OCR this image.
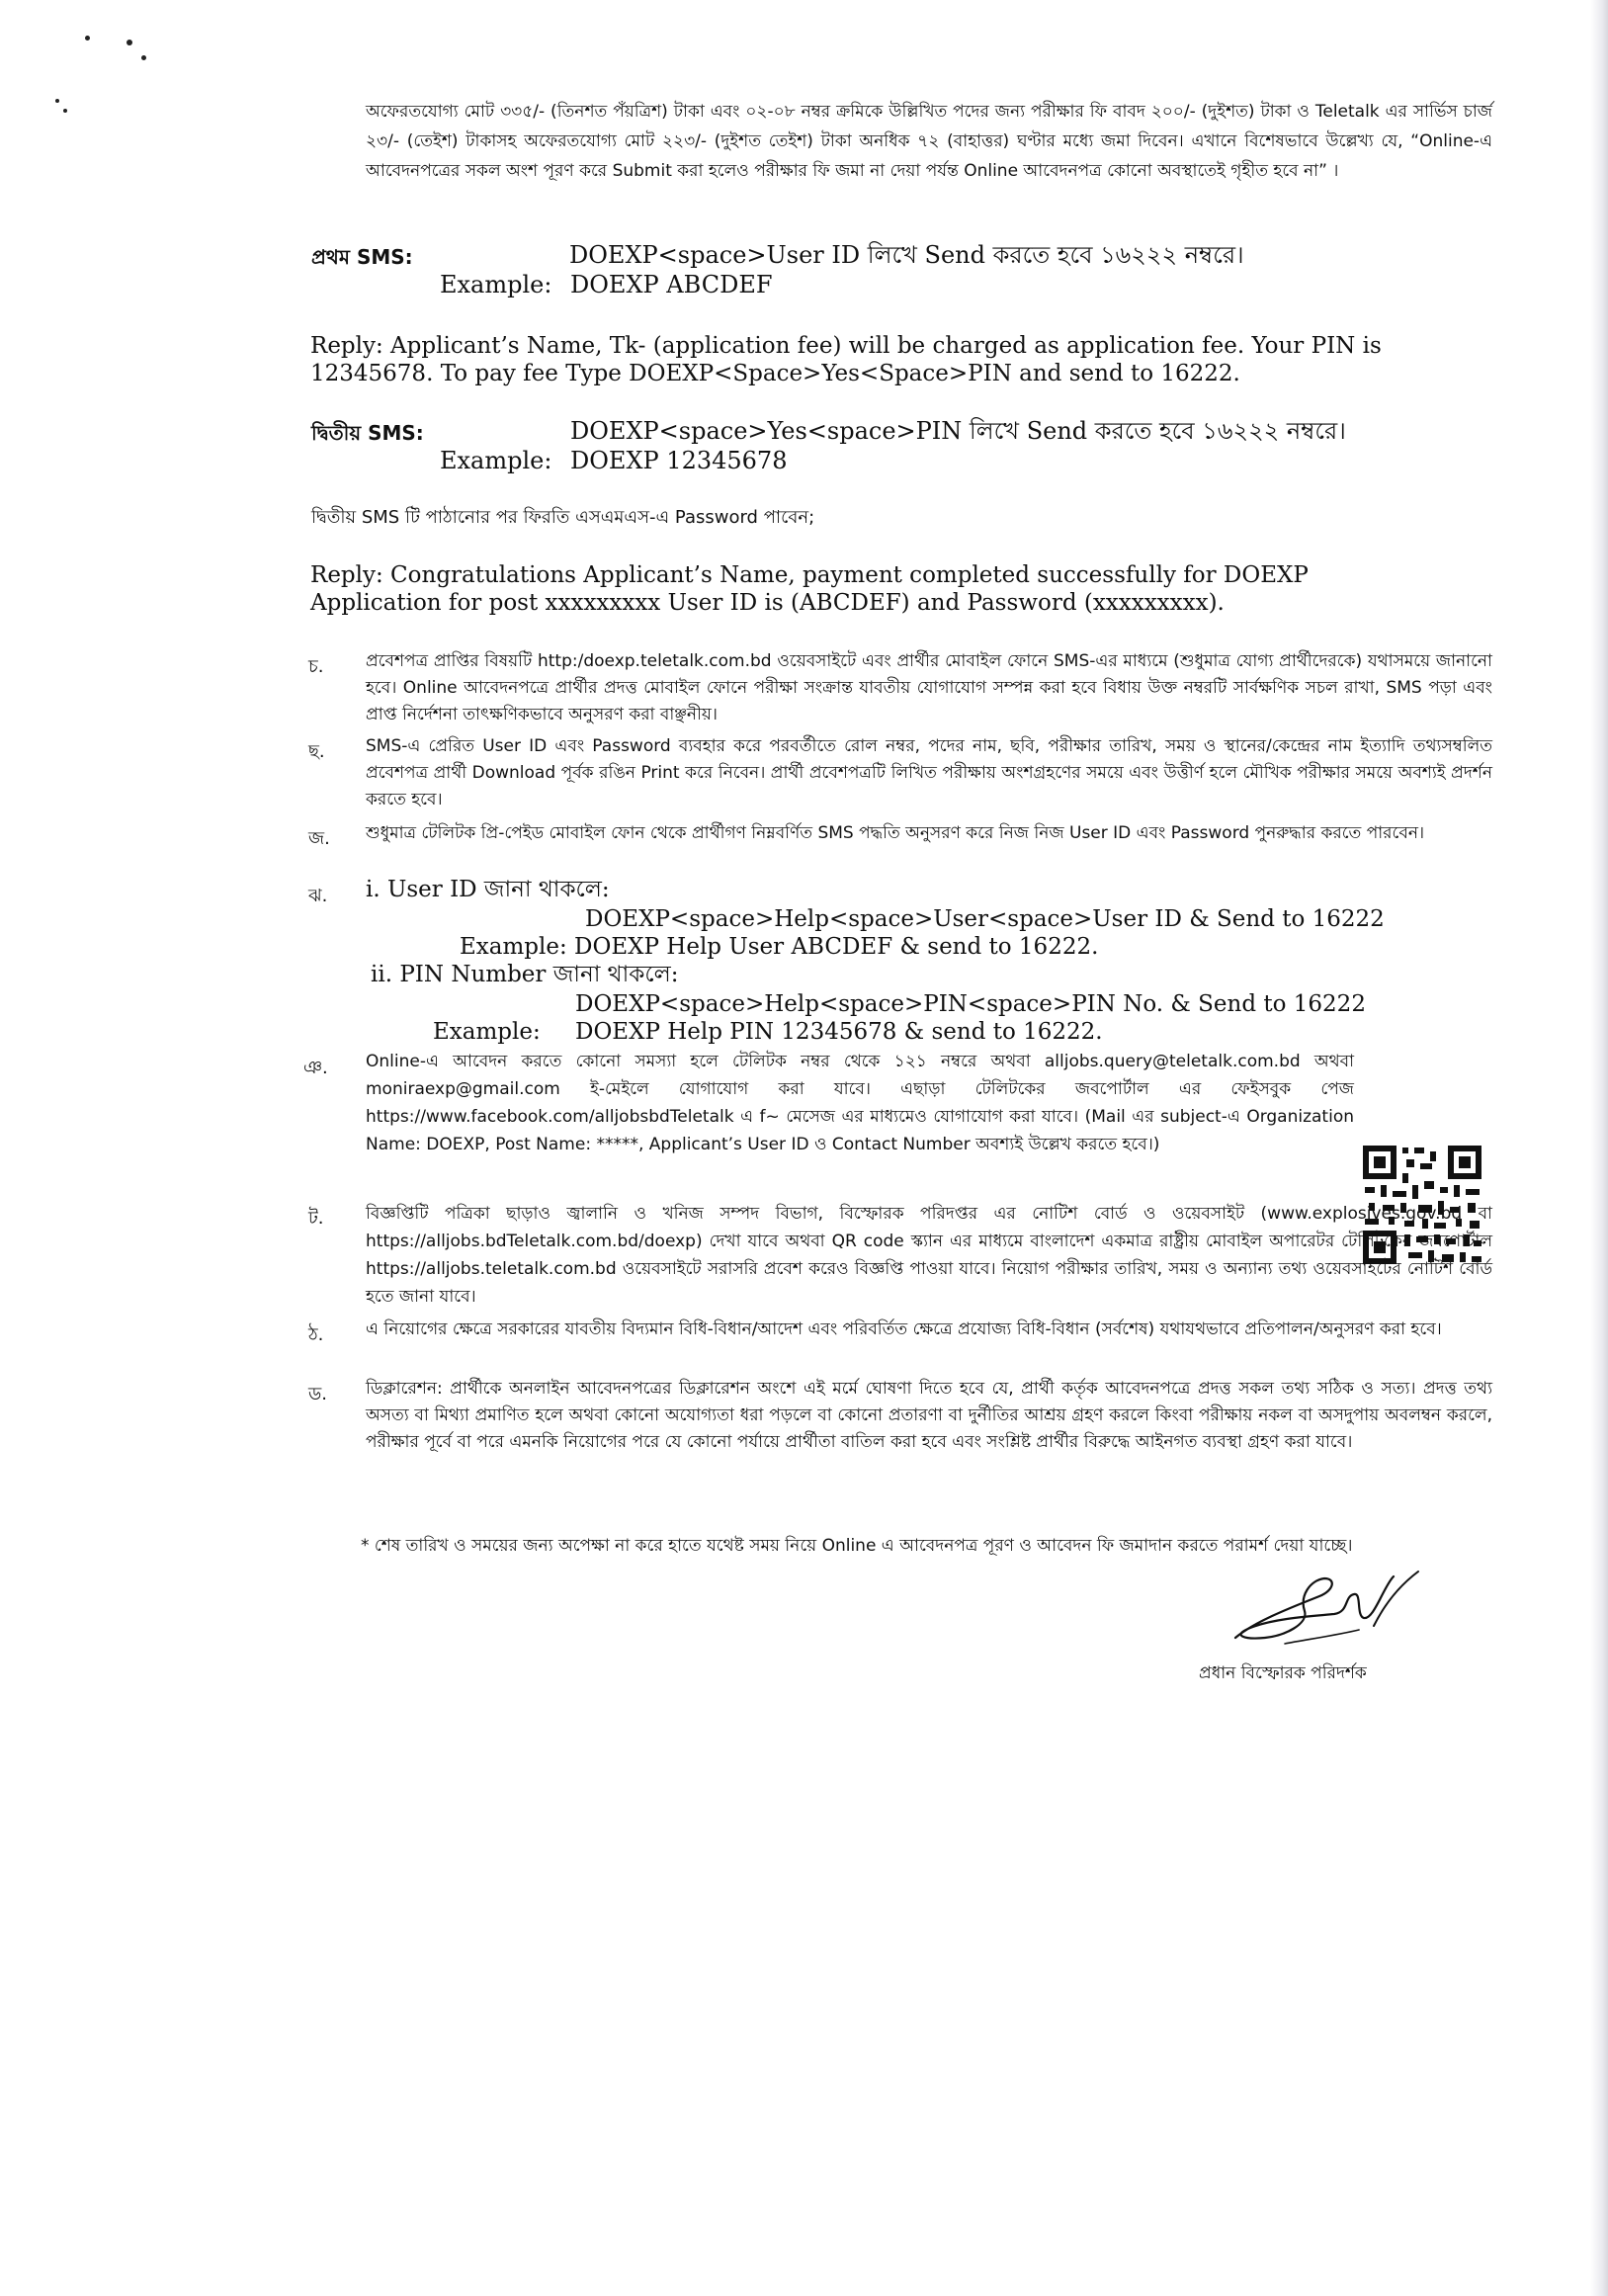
অফেরতযোগ্য মোট ৩৩৫/- (তিনশত পঁয়ত্রিশ) টাকা এবং ০২-০৮ নম্বর ক্রমিকে উল্লিখিত পদের জন্য পরীক্ষার ফি বাবদ ২০০/- (দুইশত) টাকা ও Teletalk এর সার্ভিস চার্জ ২৩/- (তেইশ) টাকাসহ অফেরতযোগ্য মোট ২২৩/- (দুইশত তেইশ) টাকা অনধিক ৭২ (বাহাত্তর) ঘণ্টার মধ্যে জমা দিবেন। এখানে বিশেষভাবে উল্লেখ্য যে, “Online-এ আবেদনপত্রের সকল অংশ পূরণ করে Submit করা হলেও পরীক্ষার ফি জমা না দেয়া পর্যন্ত Online আবেদনপত্র কোনো অবস্থাতেই গৃহীত হবে না” ।
প্রথম SMS:	DOEXP<space>User ID লিখে Send করতে হবে ১৬২২২ নম্বরে।
Example: DOEXP ABCDEF
Reply: Applicant’s Name, Tk- (application fee) will be charged as application fee. Your PIN is
12345678. To pay fee Type DOEXP<Space>Yes<Space>PIN and send to 16222.
দ্বিতীয় SMS:	DOEXP<space>Yes<space>PIN লিখে Send করতে হবে ১৬২২২ নম্বরে।
Example: DOEXP 12345678
দ্বিতীয় SMS টি পাঠানোর পর ফিরতি এসএমএস-এ Password পাবেন;
Reply: Congratulations Applicant’s Name, payment completed successfully for DOEXP
Application for post xxxxxxxxx User ID is (ABCDEF) and Password (xxxxxxxxx).
চ.	প্রবেশপত্র প্রাপ্তির বিষয়টি http:/doexp.teletalk.com.bd ওয়েবসাইটে এবং প্রার্থীর মোবাইল ফোনে SMS-এর মাধ্যমে (শুধুমাত্র যোগ্য প্রার্থীদেরকে) যথাসময়ে জানানো হবে। Online আবেদনপত্রে প্রার্থীর প্রদত্ত মোবাইল ফোনে পরীক্ষা সংক্রান্ত যাবতীয় যোগাযোগ সম্পন্ন করা হবে বিধায় উক্ত নম্বরটি সার্বক্ষণিক সচল রাখা, SMS পড়া এবং প্রাপ্ত নির্দেশনা তাৎক্ষণিকভাবে অনুসরণ করা বাঞ্ছনীয়।
ছ. SMS-এ প্রেরিত User ID এবং Password ব্যবহার করে পরবর্তীতে রোল নম্বর, পদের নাম, ছবি, পরীক্ষার তারিখ, সময় ও স্থানের/কেন্দ্রের নাম ইত্যাদি তথ্যসম্বলিত প্রবেশপত্র প্রার্থী Download পূর্বক রঙিন Print করে নিবেন। প্রার্থী প্রবেশপত্রটি লিখিত পরীক্ষায় অংশগ্রহণের সময়ে এবং উত্তীর্ণ হলে মৌখিক পরীক্ষার সময়ে অবশ্যই প্রদর্শন করতে হবে।
জ. শুধুমাত্র টেলিটক প্রি-পেইড মোবাইল ফোন থেকে প্রার্থীগণ নিম্নবর্ণিত SMS পদ্ধতি অনুসরণ করে নিজ নিজ User ID এবং Password পুনরুদ্ধার করতে পারবেন।
ঝ. i. User ID জানা থাকলে:
DOEXP<space>Help<space>User<space>User ID & Send to 16222
Example: DOEXP Help User ABCDEF & send to 16222.
ii. PIN Number জানা থাকলে:
DOEXP<space>Help<space>PIN<space>PIN No. & Send to 16222
Example: DOEXP Help PIN 12345678 & send to 16222.
ঞ. Online-এ আবেদন করতে কোনো সমস্যা হলে টেলিটক নম্বর থেকে ১২১ নম্বরে অথবা alljobs.query@teletalk.com.bd অথবা moniraexp@gmail.com ই-মেইলে যোগাযোগ করা যাবে। এছাড়া টেলিটকের জবপোর্টাল এর ফেইসবুক পেজ https://www.facebook.com/alljobsbdTeletalk এ f~ মেসেজ এর মাধ্যমেও যোগাযোগ করা যাবে। (Mail এর subject-এ Organization Name: DOEXP, Post Name: *****, Applicant’s User ID ও Contact Number অবশ্যই উল্লেখ করতে হবে।)
ট. বিজ্ঞপ্তিটি পত্রিকা ছাড়াও জ্বালানি ও খনিজ সম্পদ বিভাগ, বিস্ফোরক পরিদপ্তর এর নোটিশ বোর্ড ও ওয়েবসাইট (www.explosives.gov.bd বা https://alljobs.bdTeletalk.com.bd/doexp) দেখা যাবে অথবা QR code স্ক্যান এর মাধ্যমে বাংলাদেশ একমাত্র রাষ্ট্রীয় মোবাইল অপারেটর টেলিটকের জবপোর্টাল https://alljobs.teletalk.com.bd ওয়েবসাইটে সরাসরি প্রবেশ করেও বিজ্ঞপ্তি পাওয়া যাবে। নিয়োগ পরীক্ষার তারিখ, সময় ও অন্যান্য তথ্য ওয়েবসাইটের নোটিশ বোর্ড হতে জানা যাবে।
ঠ.	এ নিয়োগের ক্ষেত্রে সরকারের যাবতীয় বিদ্যমান বিধি-বিধান/আদেশ এবং পরিবর্তিত ক্ষেত্রে প্রযোজ্য বিধি-বিধান (সর্বশেষ) যথাযথভাবে প্রতিপালন/অনুসরণ করা হবে।
ড. ডিক্লারেশন: প্রার্থীকে অনলাইন আবেদনপত্রের ডিক্লারেশন অংশে এই মর্মে ঘোষণা দিতে হবে যে, প্রার্থী কর্তৃক আবেদনপত্রে প্রদত্ত সকল তথ্য সঠিক ও সত্য। প্রদত্ত তথ্য অসত্য বা মিথ্যা প্রমাণিত হলে অথবা কোনো অযোগ্যতা ধরা পড়লে বা কোনো প্রতারণা বা দুর্নীতির আশ্রয় গ্রহণ করলে কিংবা পরীক্ষায় নকল বা অসদুপায় অবলম্বন করলে, পরীক্ষার পূর্বে বা পরে এমনকি নিয়োগের পরে যে কোনো পর্যায়ে প্রার্থীতা বাতিল করা হবে এবং সংশ্লিষ্ট প্রার্থীর বিরুদ্ধে আইনগত ব্যবস্থা গ্রহণ করা যাবে।
* শেষ তারিখ ও সময়ের জন্য অপেক্ষা না করে হাতে যথেষ্ট সময় নিয়ে Online এ আবেদনপত্র পূরণ ও আবেদন ফি জমাদান করতে পরামর্শ দেয়া যাচ্ছে।
প্রধান বিস্ফোরক পরিদর্শক
